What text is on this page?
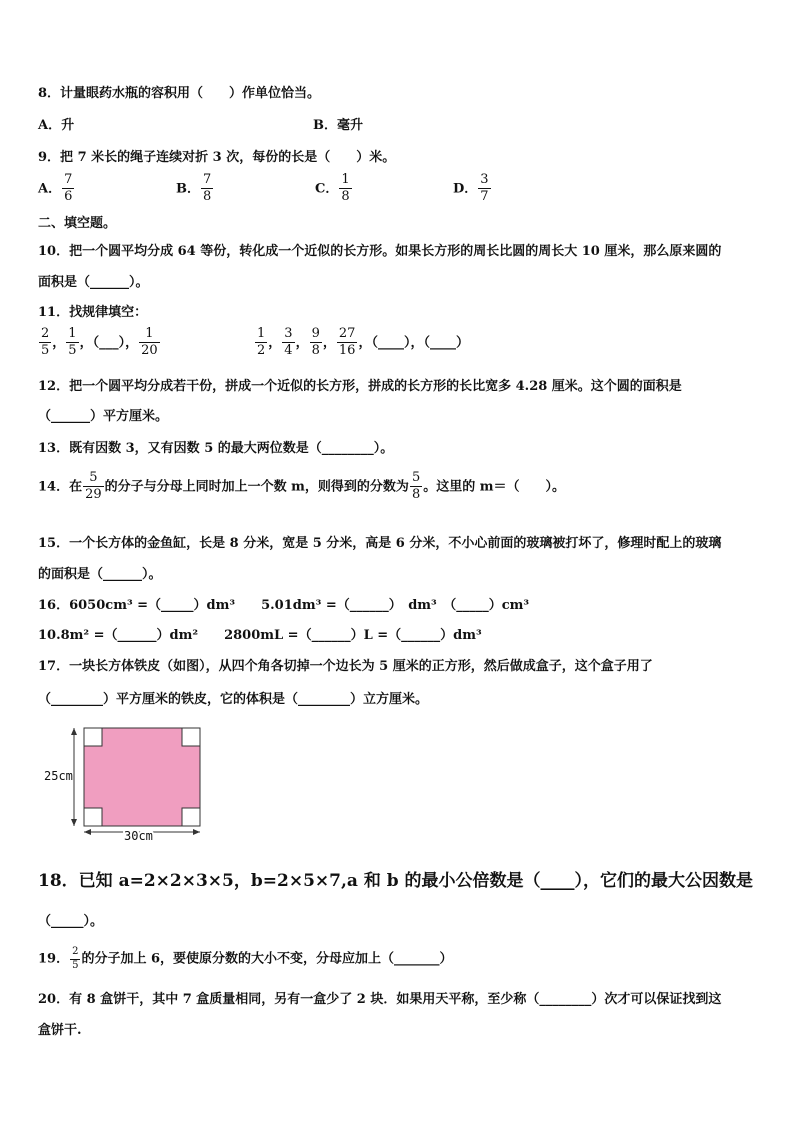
8．计量眼药水瓶的容积用（　　）作单位恰当。
A．升	B．毫升
9．把 7 米长的绳子连续对折 3 次，每份的长是（　　）米。
A． $\frac{7}{6}$	B． $\frac{7}{8}$	C． $\frac{1}{8}$	D． $\frac{3}{7}$
二、填空题。
10．把一个圆平均分成 64 等份，转化成一个近似的长方形。如果长方形的周长比圆的周长大 10 厘米，那么原来圆的
面积是（______）。
11．找规律填空：
$\frac{2}{5}$ ， $\frac{1}{5}$ ，（___）， $\frac{1}{20}$	$\frac{1}{2}$ ， $\frac{3}{4}$ ， $\frac{9}{8}$ ， $\frac{27}{16}$ ，（____），（____）
12．把一个圆平均分成若干份，拼成一个近似的长方形，拼成的长方形的长比宽多 4.28 厘米。这个圆的面积是
（______）平方厘米。
13．既有因数 3，又有因数 5 的最大两位数是（________）。
14．在 $\frac{5}{29}$ 的分子与分母上同时加上一个数 m，则得到的分数为 $\frac{5}{8}$ 。这里的 m＝（　　）。
15．一个长方体的金鱼缸，长是 8 分米，宽是 5 分米，高是 6 分米，不小心前面的玻璃被打坏了，修理时配上的玻璃
的面积是（______）。
16．6050cm³ =（_____）dm³　　5.01dm³ =（______）　dm³　（_____）cm³
10.8m² =（______）dm²　　2800mL =（______）L =（______）dm³
17．一块长方体铁皮（如图），从四个角各切掉一个边长为 5 厘米的正方形，然后做成盒子，这个盒子用了
（________）平方厘米的铁皮，它的体积是（________）立方厘米。
25cm
30cm
18．已知 a=2×2×3×5，b=2×5×7,a 和 b 的最小公倍数是（____），它们的最大公因数是
（_____）。
19． $\frac{2}{5}$ 的分子加上 6，要使原分数的大小不变，分母应加上（_______）
20．有 8 盒饼干，其中 7 盒质量相同，另有一盒少了 2 块．如果用天平称，至少称（________）次才可以保证找到这
盒饼干.
